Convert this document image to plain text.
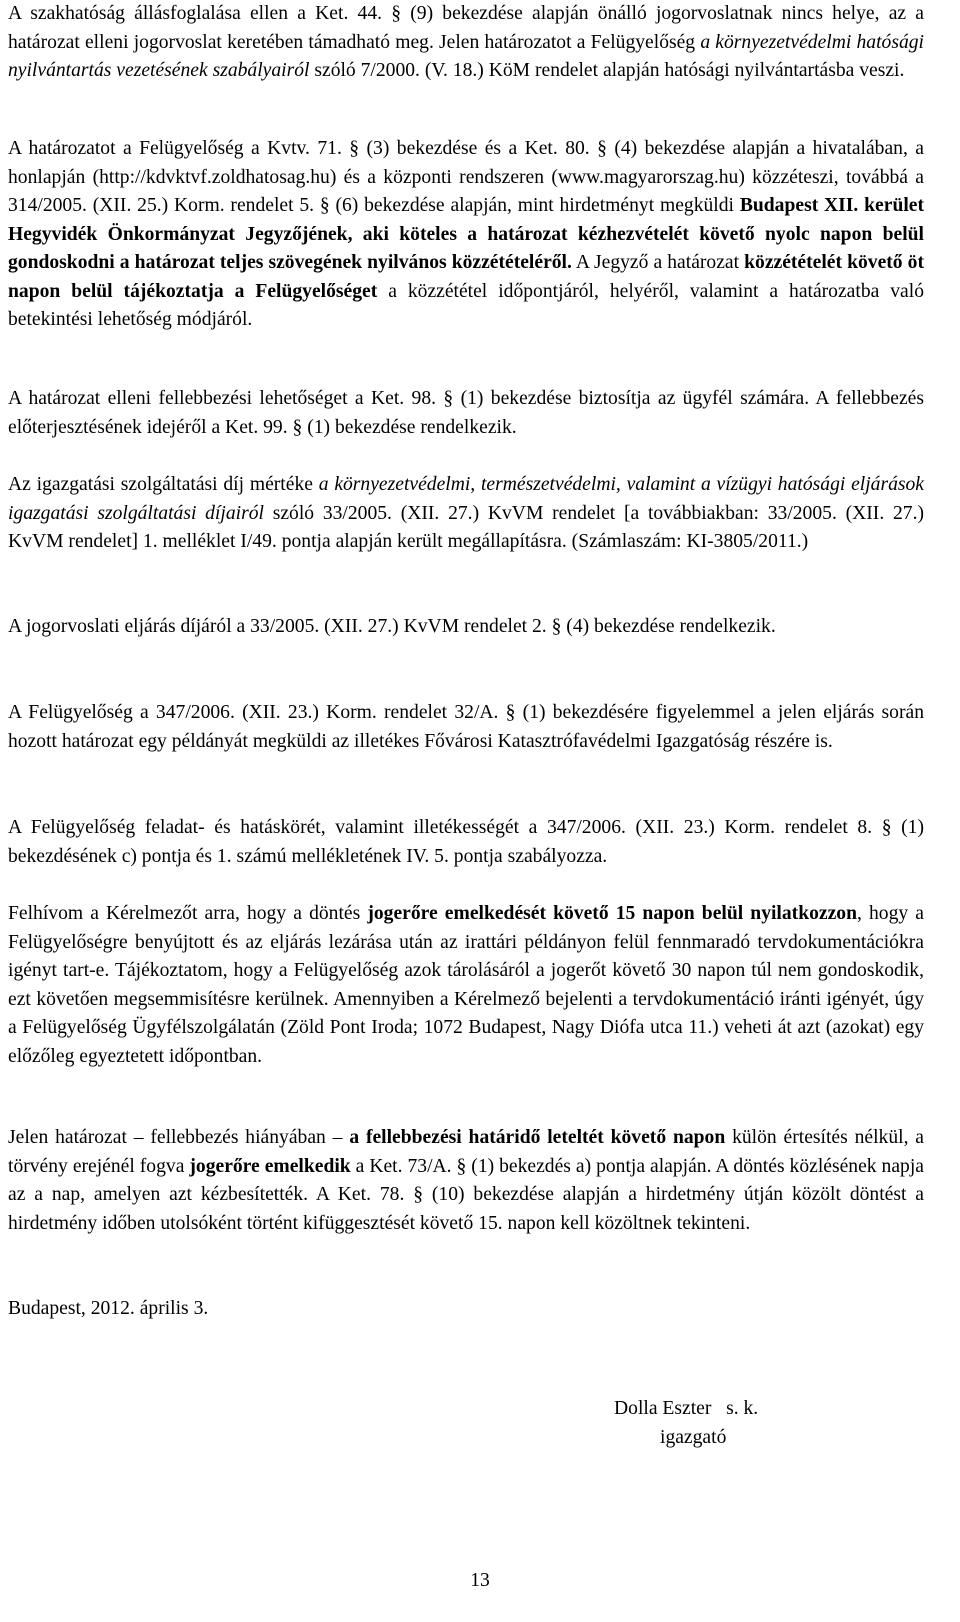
A szakhatóság állásfoglalása ellen a Ket. 44. § (9) bekezdése alapján önálló jogorvoslatnak nincs helye, az a határozat elleni jogorvoslat keretében támadható meg. Jelen határozatot a Felügyelőség a környezetvédelmi hatósági nyilvántartás vezetésének szabályairól szóló 7/2000. (V. 18.) KöM rendelet alapján hatósági nyilvántartásba veszi.

A határozatot a Felügyelőség a Kvtv. 71. § (3) bekezdése és a Ket. 80. § (4) bekezdése alapján a hivatalában, a honlapján (http://kdvktvf.zoldhatosag.hu) és a központi rendszeren (www.magyarorszag.hu) közzéteszi, továbbá a 314/2005. (XII. 25.) Korm. rendelet 5. § (6) bekezdése alapján, mint hirdetményt megküldi Budapest XII. kerület Hegyvidék Önkormányzat Jegyzőjének, aki köteles a határozat kézhezvételét követő nyolc napon belül gondoskodni a határozat teljes szövegének nyilvános közzétételéről. A Jegyző a határozat közzétételét követő öt napon belül tájékoztatja a Felügyelőséget a közzététel időpontjáról, helyéről, valamint a határozatba való betekintési lehetőség módjáról.

A határozat elleni fellebbezési lehetőséget a Ket. 98. § (1) bekezdése biztosítja az ügyfél számára. A fellebbezés előterjesztésének idejéről a Ket. 99. § (1) bekezdése rendelkezik.

Az igazgatási szolgáltatási díj mértéke a környezetvédelmi, természetvédelmi, valamint a vízügyi hatósági eljárások igazgatási szolgáltatási díjairól szóló 33/2005. (XII. 27.) KvVM rendelet [a továbbiakban: 33/2005. (XII. 27.) KvVM rendelet] 1. melléklet I/49. pontja alapján került megállapításra. (Számlaszám: KI-3805/2011.)

A jogorvoslati eljárás díjáról a 33/2005. (XII. 27.) KvVM rendelet 2. § (4) bekezdése rendelkezik.

A Felügyelőség a 347/2006. (XII. 23.) Korm. rendelet 32/A. § (1) bekezdésére figyelemmel a jelen eljárás során hozott határozat egy példányát megküldi az illetékes Fővárosi Katasztrófavédelmi Igazgatóság részére is.

A Felügyelőség feladat- és hatáskörét, valamint illetékességét a 347/2006. (XII. 23.) Korm. rendelet 8. § (1) bekezdésének c) pontja és 1. számú mellékletének IV. 5. pontja szabályozza.

Felhívom a Kérelmezőt arra, hogy a döntés jogerőre emelkedését követő 15 napon belül nyilatkozzon, hogy a Felügyelőségre benyújtott és az eljárás lezárása után az irattári példányon felül fennmaradó tervdokumentációkra igényt tart-e. Tájékoztatom, hogy a Felügyelőség azok tárolásáról a jogerőt követő 30 napon túl nem gondoskodik, ezt követően megsemmisítésre kerülnek. Amennyiben a Kérelmező bejelenti a tervdokumentáció iránti igényét, úgy a Felügyelőség Ügyfélszolgálatán (Zöld Pont Iroda; 1072 Budapest, Nagy Diófa utca 11.) veheti át azt (azokat) egy előzőleg egyeztetett időpontban.

Jelen határozat – fellebbezés hiányában – a fellebbezési határidő leteltét követő napon külön értesítés nélkül, a törvény erejénél fogva jogerőre emelkedik a Ket. 73/A. § (1) bekezdés a) pontja alapján. A döntés közlésének napja az a nap, amelyen azt kézbesítették. A Ket. 78. § (10) bekezdése alapján a hirdetmény útján közölt döntést a hirdetmény időben utolsóként történt kifüggesztését követő 15. napon kell közöltnek tekinteni.

Budapest, 2012. április 3.
Dolla Eszter   s. k.
igazgató
13
